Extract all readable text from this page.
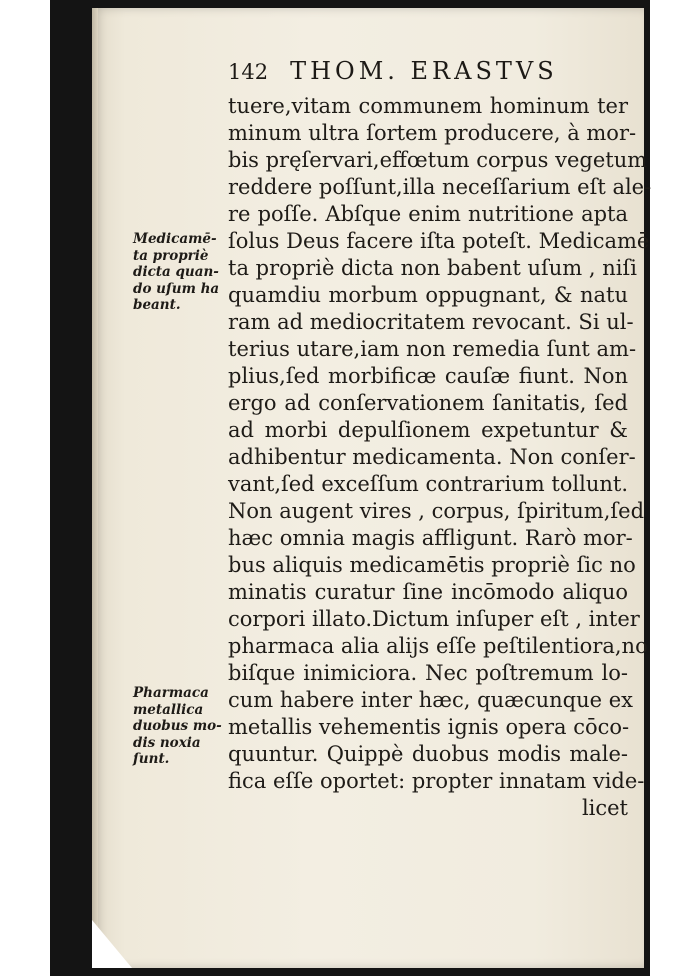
142 THOM. ERASTVS
tuere,vitam communem hominum ter
minum ultra ſortem producere, à mor-
bis pręſervari,effœtum corpus vegetum
reddere poſſunt,illa neceſſarium eſt ale-
re poſſe. Abſque enim nutritione apta
ſolus Deus facere iſta poteſt. Medicamē
ta propriè dicta non babent uſum , niſi
quamdiu morbum oppugnant, & natu
ram ad mediocritatem revocant. Si ul-
terius utare,iam non remedia ſunt am-
plius,ſed morbificæ cauſæ fiunt. Non
ergo ad conſervationem ſanitatis, ſed
ad morbi depulſionem expetuntur &
adhibentur medicamenta. Non conſer-
vant,ſed exceſſum contrarium tollunt.
Non augent vires , corpus, ſpiritum,ſed
hæc omnia magis affligunt. Rarò mor-
bus aliquis medicamētis propriè ſic no
minatis curatur ſine incōmodo aliquo
corpori illato.Dictum inſuper eſt , inter
pharmaca alia alijs eſſe peſtilentiora,no
biſque inimiciora. Nec poſtremum lo-
cum habere inter hæc, quæcunque ex
metallis vehementis ignis opera cōco-
quuntur. Quippè duobus modis male-
fica eſſe oportet: propter innatam vide-
licet
Medicamē-
ta propriè
dicta quan-
do uſum ha
beant.
Pharmaca
metallica
duobus mo-
dis noxia
ſunt.
